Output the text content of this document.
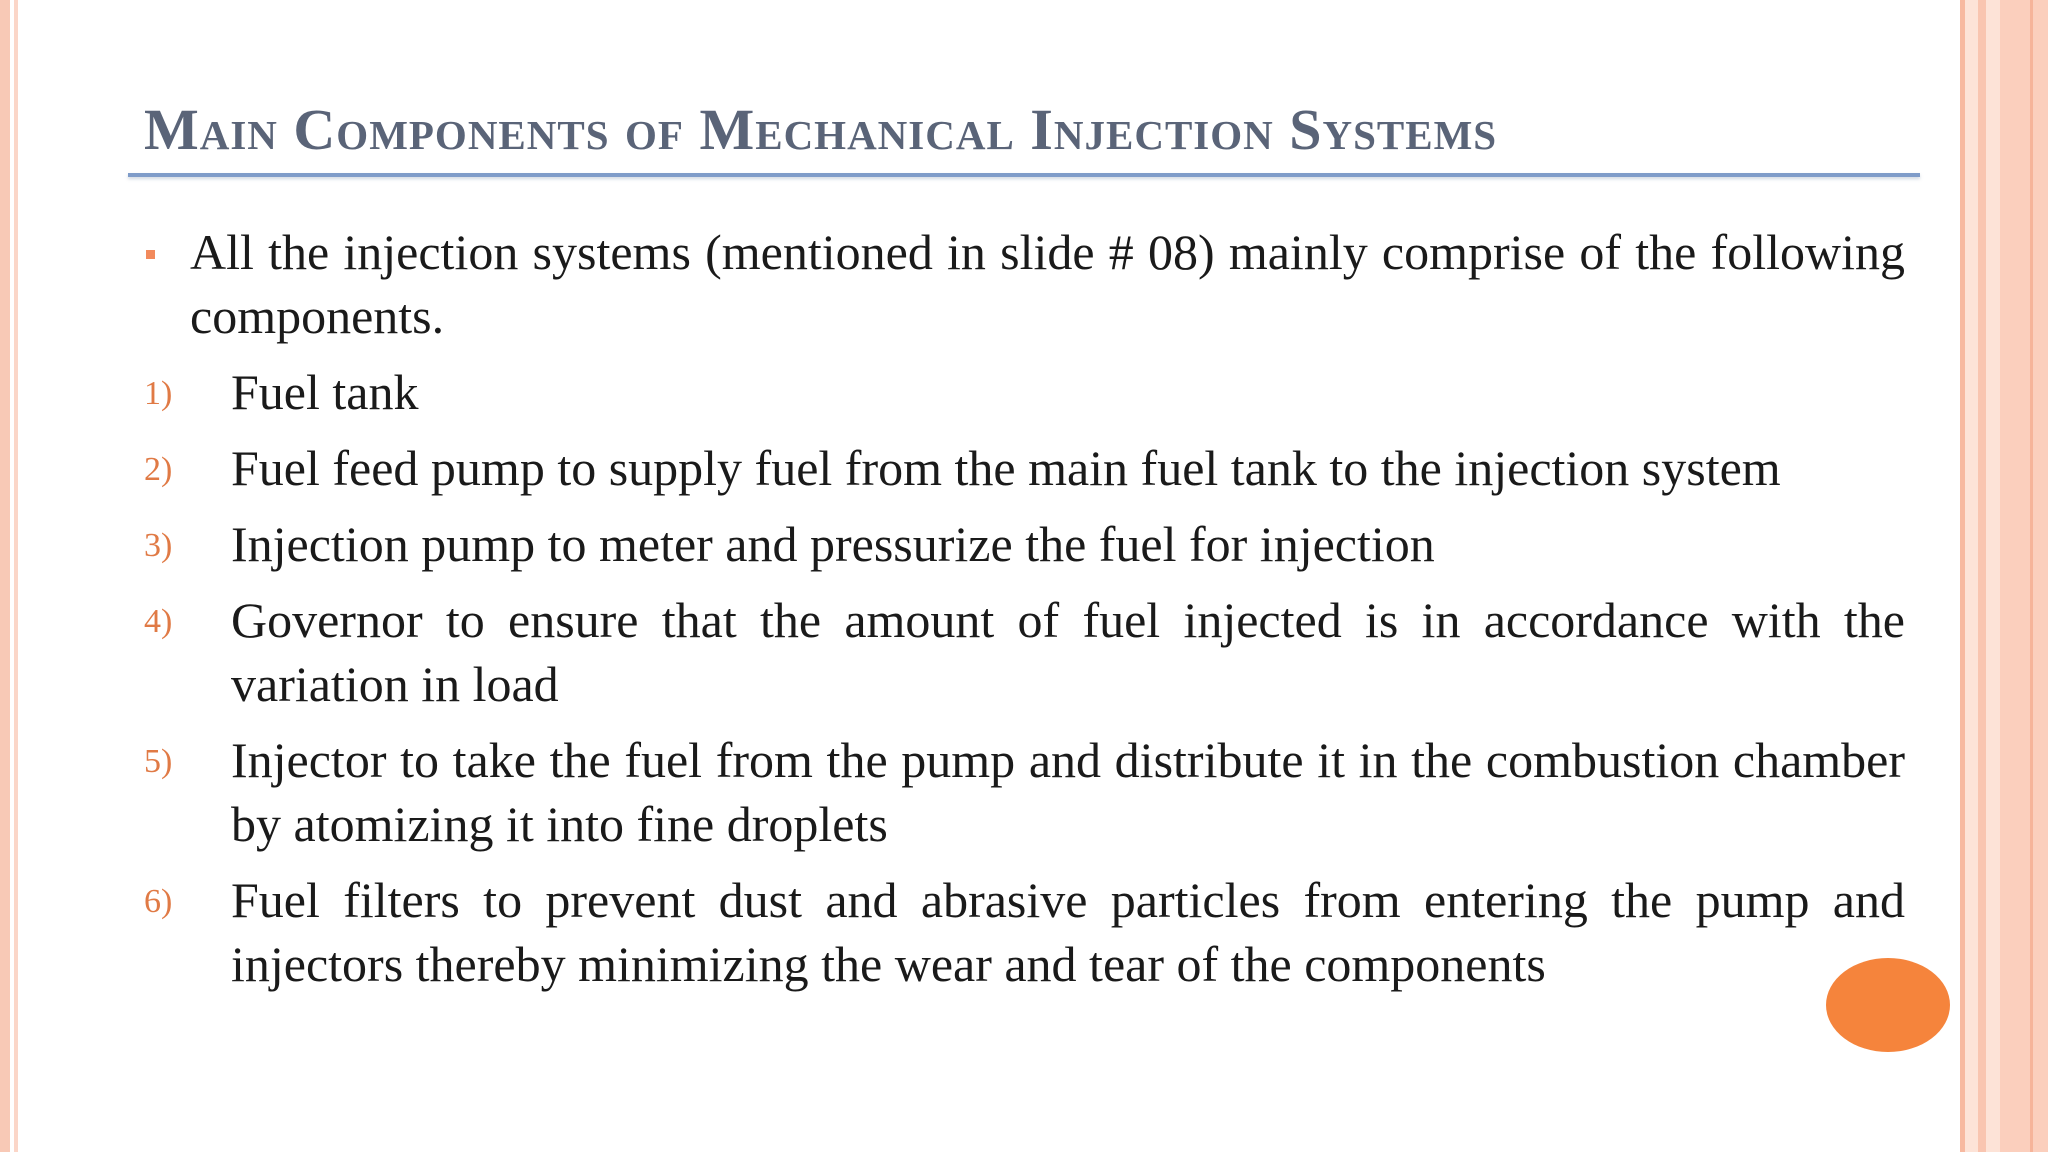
Main Components of Mechanical Injection Systems
All the injection systems (mentioned in slide # 08) mainly comprise of the following components.
1) Fuel tank
2) Fuel feed pump to supply fuel from the main fuel tank to the injection system
3) Injection pump to meter and pressurize the fuel for injection
4) Governor to ensure that the amount of fuel injected is in accordance with the variation in load
5) Injector to take the fuel from the pump and distribute it in the combustion chamber by atomizing it into fine droplets
6) Fuel filters to prevent dust and abrasive particles from entering the pump and injectors thereby minimizing the wear and tear of the components
